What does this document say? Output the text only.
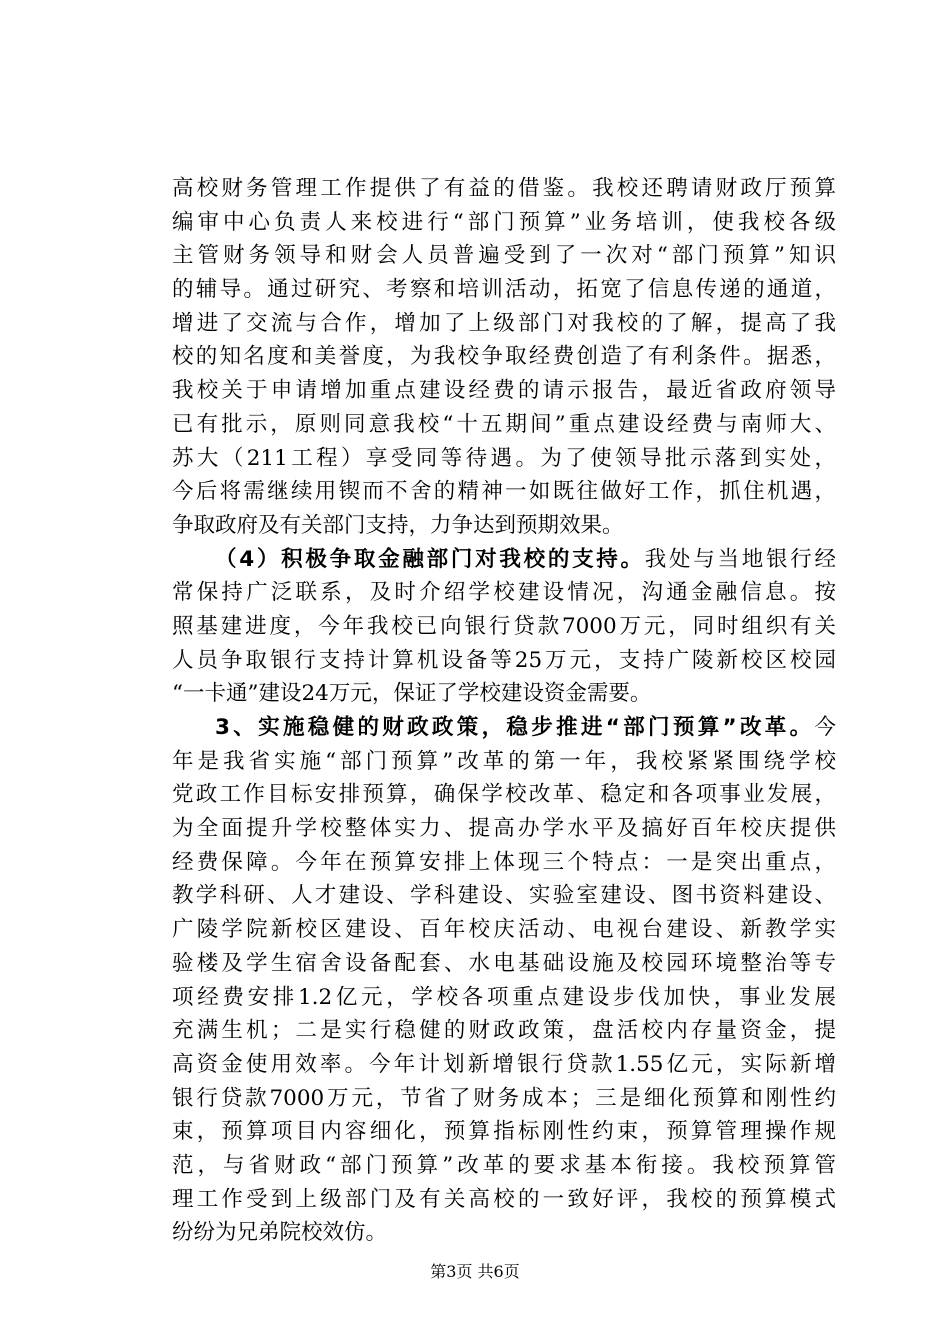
高校财务管理工作提供了有益的借鉴。我校还聘请财政厅预算
编审中心负责人来校进行“部门预算”业务培训，使我校各级
主管财务领导和财会人员普遍受到了一次对“部门预算”知识
的辅导。通过研究、考察和培训活动，拓宽了信息传递的通道，
增进了交流与合作，增加了上级部门对我校的了解，提高了我
校的知名度和美誉度，为我校争取经费创造了有利条件。据悉，
我校关于申请增加重点建设经费的请示报告，最近省政府领导
已有批示，原则同意我校“十五期间”重点建设经费与南师大、
苏大（211工程）享受同等待遇。为了使领导批示落到实处，
今后将需继续用锲而不舍的精神一如既往做好工作，抓住机遇，
争取政府及有关部门支持，力争达到预期效果。
（4）积极争取金融部门对我校的支持。我处与当地银行经
常保持广泛联系，及时介绍学校建设情况，沟通金融信息。按
照基建进度，今年我校已向银行贷款7000万元，同时组织有关
人员争取银行支持计算机设备等25万元，支持广陵新校区校园
“一卡通”建设24万元，保证了学校建设资金需要。
3、实施稳健的财政政策，稳步推进“部门预算”改革。今
年是我省实施“部门预算”改革的第一年，我校紧紧围绕学校
党政工作目标安排预算，确保学校改革、稳定和各项事业发展，
为全面提升学校整体实力、提高办学水平及搞好百年校庆提供
经费保障。今年在预算安排上体现三个特点：一是突出重点，
教学科研、人才建设、学科建设、实验室建设、图书资料建设、
广陵学院新校区建设、百年校庆活动、电视台建设、新教学实
验楼及学生宿舍设备配套、水电基础设施及校园环境整治等专
项经费安排1.2亿元，学校各项重点建设步伐加快，事业发展
充满生机；二是实行稳健的财政政策，盘活校内存量资金，提
高资金使用效率。今年计划新增银行贷款1.55亿元，实际新增
银行贷款7000万元，节省了财务成本；三是细化预算和刚性约
束，预算项目内容细化，预算指标刚性约束，预算管理操作规
范，与省财政“部门预算”改革的要求基本衔接。我校预算管
理工作受到上级部门及有关高校的一致好评，我校的预算模式
纷纷为兄弟院校效仿。
第3页 共6页
